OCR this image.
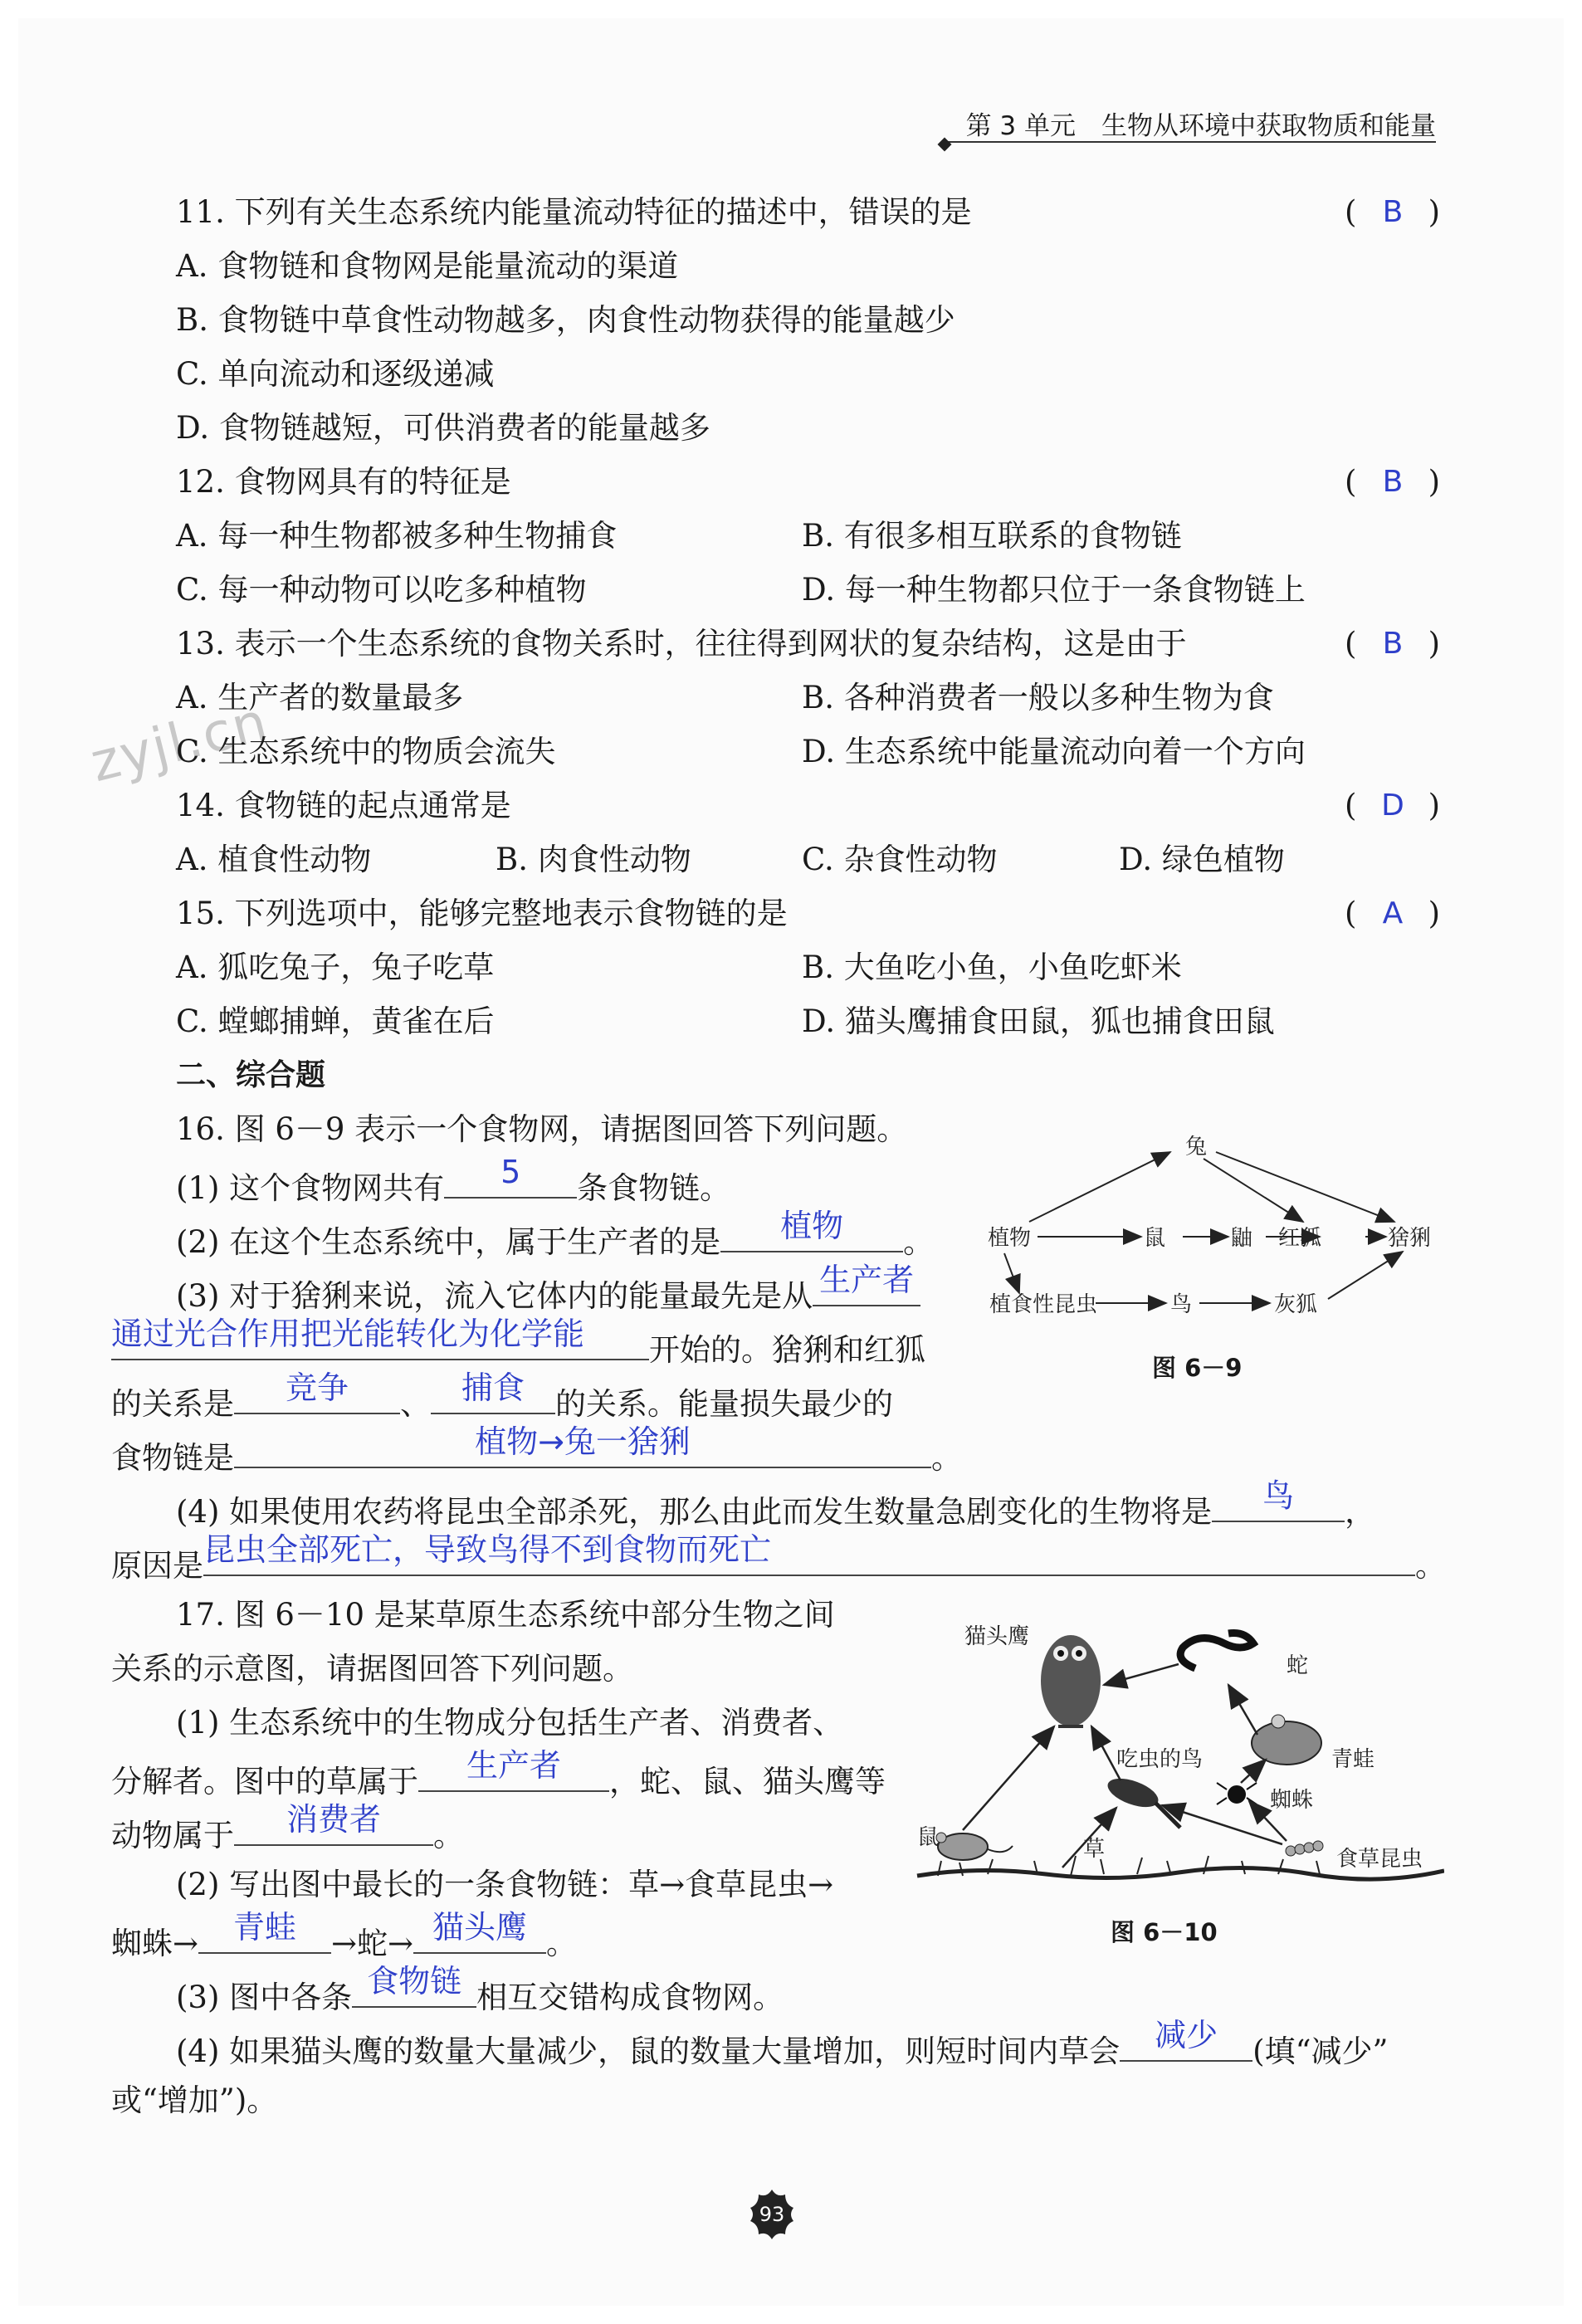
第 3 单元　生物从环境中获取物质和能量
zyjl.cn
11. 下列有关生态系统内能量流动特征的描述中，错误的是	( B )
A. 食物链和食物网是能量流动的渠道
B. 食物链中草食性动物越多，肉食性动物获得的能量越少
C. 单向流动和逐级递减
D. 食物链越短，可供消费者的能量越多
12. 食物网具有的特征是	( B )
A. 每一种生物都被多种生物捕食	B. 有很多相互联系的食物链
C. 每一种动物可以吃多种植物	D. 每一种生物都只位于一条食物链上
13. 表示一个生态系统的食物关系时，往往得到网状的复杂结构，这是由于	( B )
A. 生产者的数量最多	B. 各种消费者一般以多种生物为食
C. 生态系统中的物质会流失	D. 生态系统中能量流动向着一个方向
14. 食物链的起点通常是	( D )
A. 植食性动物	B. 肉食性动物	C. 杂食性动物	D. 绿色植物
15. 下列选项中，能够完整地表示食物链的是	( A )
A. 狐吃兔子，兔子吃草	B. 大鱼吃小鱼，小鱼吃虾米
C. 螳螂捕蝉，黄雀在后	D. 猫头鹰捕食田鼠，狐也捕食田鼠
二、综合题
16. 图 6－9 表示一个食物网，请据图回答下列问题。
(1) 这个食物网共有	5	条食物链。
(2) 在这个生态系统中，属于生产者的是	植物	。
(3) 对于猞猁来说，流入它体内的能量最先是从 生产者
通过光合作用把光能转化为化学能	开始的。猞猁和红狐
的关系是	竞争	、 捕食	的关系。能量损失最少的
食物链是	植物→兔一猞猁	。
(4) 如果使用农药将昆虫全部杀死，那么由此而发生数量急剧变化的生物将是	鸟	，
原因是 昆虫全部死亡，导致鸟得不到食物而死亡	。
植物
兔
鼠	鼬 红狐	猞猁
植食性昆虫	鸟	灰狐
图 6－9
17. 图 6－10 是某草原生态系统中部分生物之间
关系的示意图，请据图回答下列问题。
(1) 生态系统中的生物成分包括生产者、消费者、
分解者。图中的草属于	生产者	，蛇、鼠、猫头鹰等
动物属于	消费者	。
(2) 写出图中最长的一条食物链：草→食草昆虫→
蜘蛛→	青蛙	→蛇→ 猫头鹰 。
(3) 图中各条 食物链 相互交错构成食物网。
(4) 如果猫头鹰的数量大量减少，鼠的数量大量增加，则短时间内草会	减少	(填“减少”
或“增加”)。
猫头鹰
蛇
青蛙
吃虫的鸟
蜘蛛
鼠	草	食草昆虫
图 6－10
93
